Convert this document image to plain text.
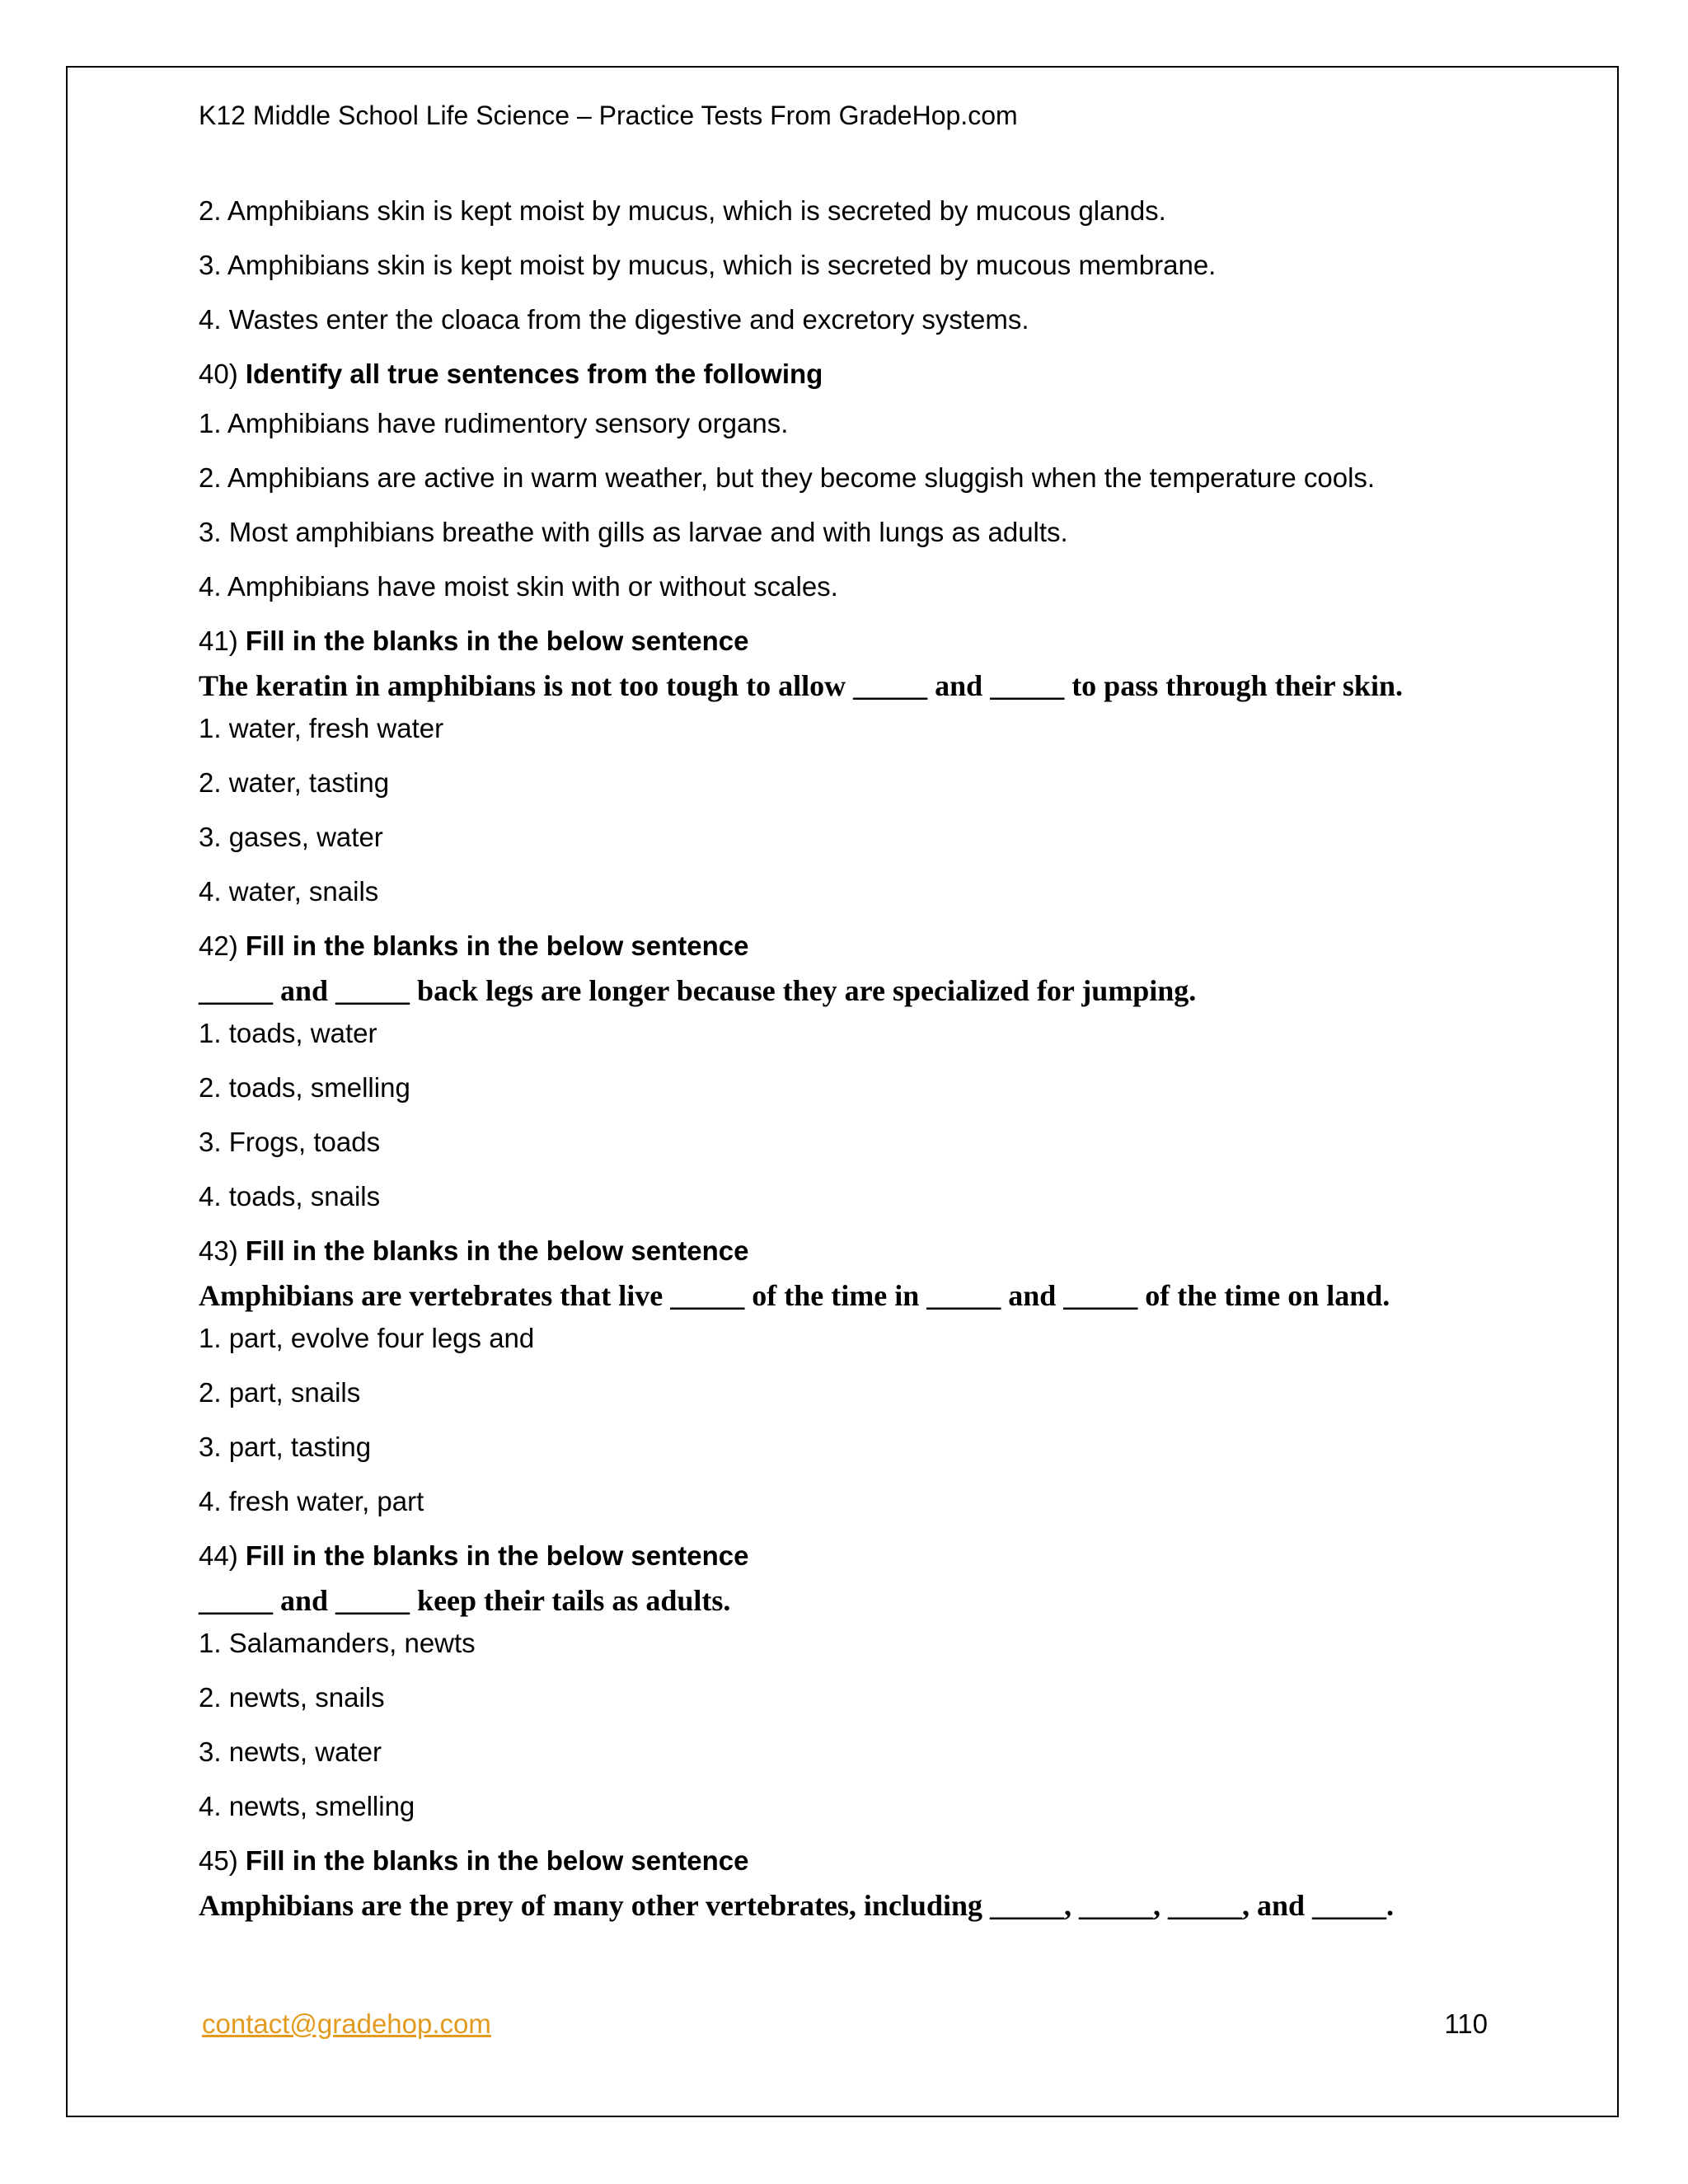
K12 Middle School Life Science – Practice Tests From GradeHop.com
2. Amphibians skin is kept moist by mucus, which is secreted by mucous glands.
3. Amphibians skin is kept moist by mucus, which is secreted by mucous membrane.
4. Wastes enter the cloaca from the digestive and excretory systems.
40) Identify all true sentences from the following
1. Amphibians have rudimentory sensory organs.
2. Amphibians are active in warm weather, but they become sluggish when the temperature cools.
3. Most amphibians breathe with gills as larvae and with lungs as adults.
4. Amphibians have moist skin with or without scales.
41) Fill in the blanks in the below sentence
The keratin in amphibians is not too tough to allow _____ and _____ to pass through their skin.
1. water, fresh water
2. water, tasting
3. gases, water
4. water, snails
42) Fill in the blanks in the below sentence
_____ and _____ back legs are longer because they are specialized for jumping.
1. toads, water
2. toads, smelling
3. Frogs, toads
4. toads, snails
43) Fill in the blanks in the below sentence
Amphibians are vertebrates that live _____ of the time in _____ and _____ of the time on land.
1. part, evolve four legs and
2. part, snails
3. part, tasting
4. fresh water, part
44) Fill in the blanks in the below sentence
_____ and _____ keep their tails as adults.
1. Salamanders, newts
2. newts, snails
3. newts, water
4. newts, smelling
45) Fill in the blanks in the below sentence
Amphibians are the prey of many other vertebrates, including _____, _____, _____, and _____.
contact@gradehop.com	110
